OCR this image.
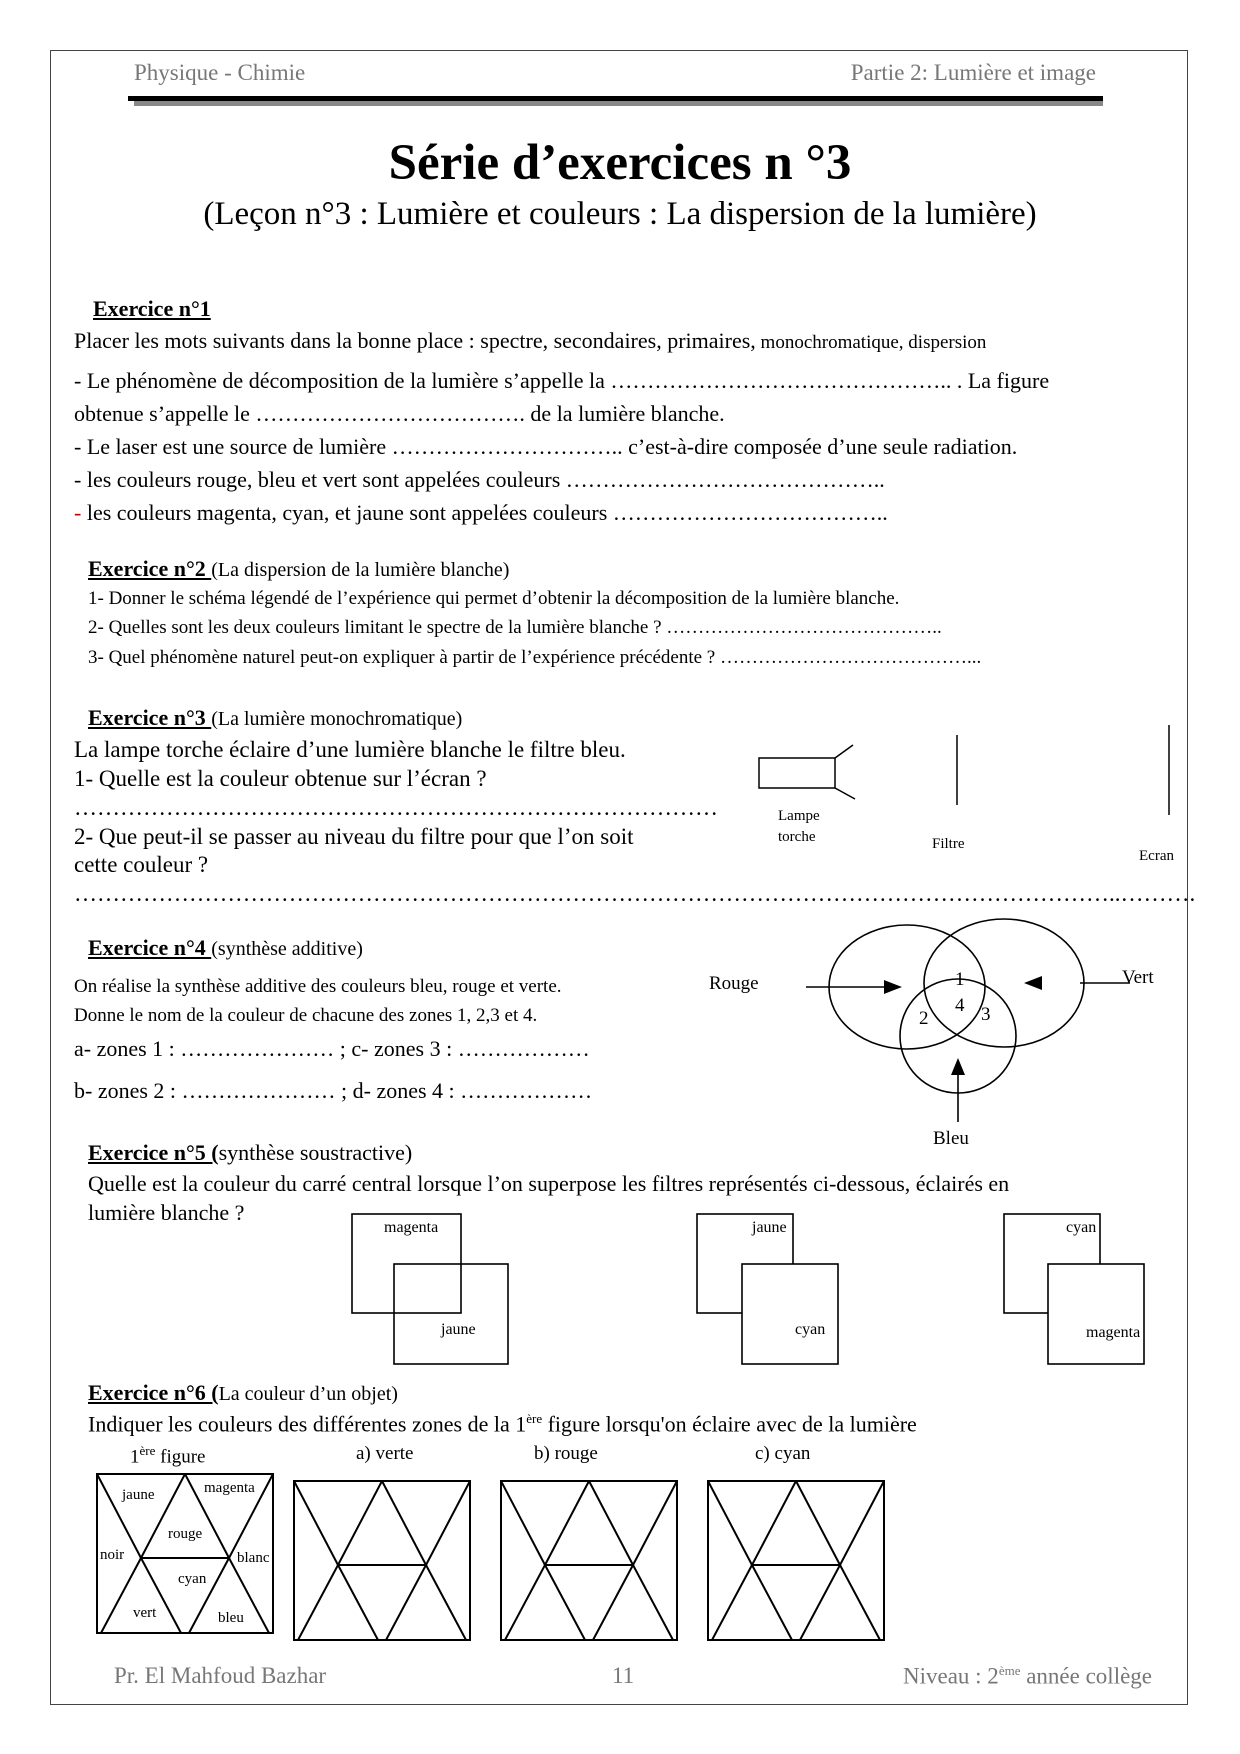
Physique - Chimie	Partie 2: Lumière et image
Série d’exercices n °3
(Leçon n°3 : Lumière et couleurs : La dispersion de la lumière)
Exercice n°1
Placer les mots suivants dans la bonne place : spectre, secondaires, primaires, monochromatique, dispersion
- Le phénomène de décomposition de la lumière s’appelle la ……………………………………….. . La figure
obtenue s’appelle le ………………………………. de la lumière blanche.
- Le laser est une source de lumière ………………………….. c’est-à-dire composée d’une seule radiation.
- les couleurs rouge, bleu et vert sont appelées couleurs ……………………………………..
- les couleurs magenta, cyan, et jaune sont appelées couleurs ………………………………..
Exercice n°2 (La dispersion de la lumière blanche)
1- Donner le schéma légendé de l’expérience qui permet d’obtenir la décomposition de la lumière blanche.
2- Quelles sont les deux couleurs limitant le spectre de la lumière blanche ? ……………………………………..
3- Quel phénomène naturel peut-on expliquer à partir de l’expérience précédente ? …………………………………...
Exercice n°3 (La lumière monochromatique)
La lampe torche éclaire d’une lumière blanche le filtre bleu.
1- Quelle est la couleur obtenue sur l’écran ?
…………………………………………………………………………
2- Que peut-il se passer au niveau du filtre pour que l’on soit
cette couleur ?
………………………………………………………………………………………………………………………..……….
Lampe
torche	Filtre
Ecran
Exercice n°4 (synthèse additive)
On réalise la synthèse additive des couleurs bleu, rouge et verte.
Donne le nom de la couleur de chacune des zones 1, 2,3 et 4.
a- zones 1 : ………………… ; c- zones 3 : ………………
b- zones 2 : ………………… ; d- zones 4 : ………………
Rouge	Vert
Bleu
1
2	3
4
Exercice n°5 (synthèse soustractive)
Quelle est la couleur du carré central lorsque l’on superpose les filtres représentés ci-dessous, éclairés en
lumière blanche ?
magenta
jaune
jaune
cyan
cyan
magenta
Exercice n°6 (La couleur d’un objet)
Indiquer les couleurs des différentes zones de la 1ère figure lorsqu'on éclaire avec de la lumière
1ère figure	a) verte	b) rouge	c) cyan
jaune	magenta
rouge
noir	blanc
cyan
vert	bleu
Pr. El Mahfoud Bazhar	11	Niveau : 2ème année collège
